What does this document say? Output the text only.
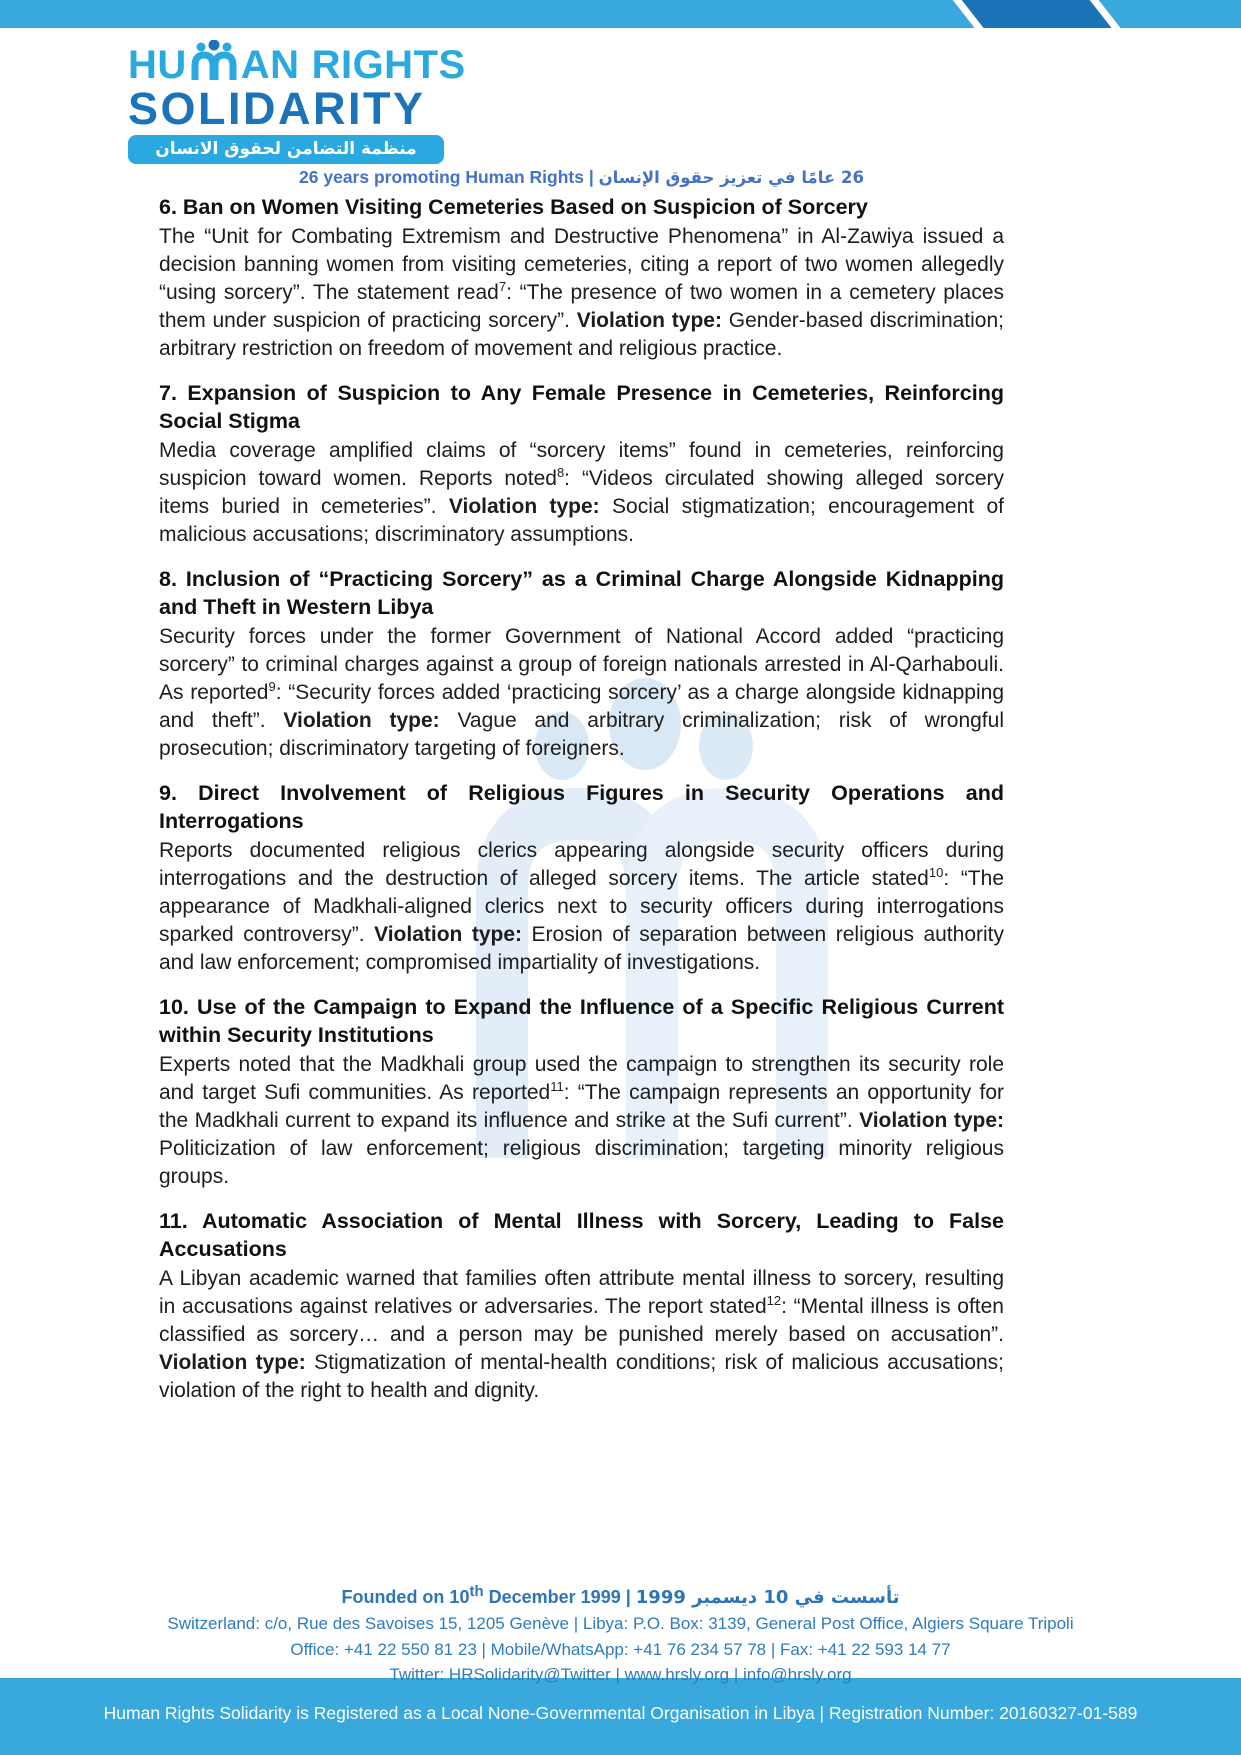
HU AN RIGHTS
SOLIDARITY
منظمة التضامن لحقوق الانسان
26 years promoting Human Rights | 26 عامًا في تعزيز حقوق الإنسان
6. Ban on Women Visiting Cemeteries Based on Suspicion of Sorcery

The “Unit for Combating Extremism and Destructive Phenomena” in Al-Zawiya issued a decision banning women from visiting cemeteries, citing a report of two women allegedly “using sorcery”. The statement read$^7$: “The presence of two women in a cemetery places them under suspicion of practicing sorcery”. Violation type: Gender-based discrimination; arbitrary restriction on freedom of movement and religious practice.

7. Expansion of Suspicion to Any Female Presence in Cemeteries, Reinforcing Social Stigma

Media coverage amplified claims of “sorcery items” found in cemeteries, reinforcing suspicion toward women. Reports noted$^8$: “Videos circulated showing alleged sorcery items buried in cemeteries”. Violation type: Social stigmatization; encouragement of malicious accusations; discriminatory assumptions.

8. Inclusion of “Practicing Sorcery” as a Criminal Charge Alongside Kidnapping and Theft in Western Libya

Security forces under the former Government of National Accord added “practicing sorcery” to criminal charges against a group of foreign nationals arrested in Al-Qarhabouli. As reported$^9$: “Security forces added ‘practicing sorcery’ as a charge alongside kidnapping and theft”. Violation type: Vague and arbitrary criminalization; risk of wrongful prosecution; discriminatory targeting of foreigners.

9. Direct Involvement of Religious Figures in Security Operations and Interrogations

Reports documented religious clerics appearing alongside security officers during interrogations and the destruction of alleged sorcery items. The article stated$^{10}$: “The appearance of Madkhali-aligned clerics next to security officers during interrogations sparked controversy”. Violation type: Erosion of separation between religious authority and law enforcement; compromised impartiality of investigations.

10. Use of the Campaign to Expand the Influence of a Specific Religious Current within Security Institutions

Experts noted that the Madkhali group used the campaign to strengthen its security role and target Sufi communities. As reported$^{11}$: “The campaign represents an opportunity for the Madkhali current to expand its influence and strike at the Sufi current”. Violation type: Politicization of law enforcement; religious discrimination; targeting minority religious groups.

11. Automatic Association of Mental Illness with Sorcery, Leading to False Accusations

A Libyan academic warned that families often attribute mental illness to sorcery, resulting in accusations against relatives or adversaries. The report stated$^{12}$: “Mental illness is often classified as sorcery… and a person may be punished merely based on accusation”. Violation type: Stigmatization of mental-health conditions; risk of malicious accusations; violation of the right to health and dignity.

Founded on 10th December 1999 | تأسست في 10 ديسمبر 1999
Switzerland: c/o, Rue des Savoises 15, 1205 Genève | Libya: P.O. Box: 3139, General Post Office, Algiers Square Tripoli
Office: +41 22 550 81 23 | Mobile/WhatsApp: +41 76 234 57 78 | Fax: +41 22 593 14 77
Twitter: HRSolidarity@Twitter | www.hrsly.org | info@hrsly.org
Human Rights Solidarity is Registered as a Local None-Governmental Organisation in Libya | Registration Number: 20160327-01-589
